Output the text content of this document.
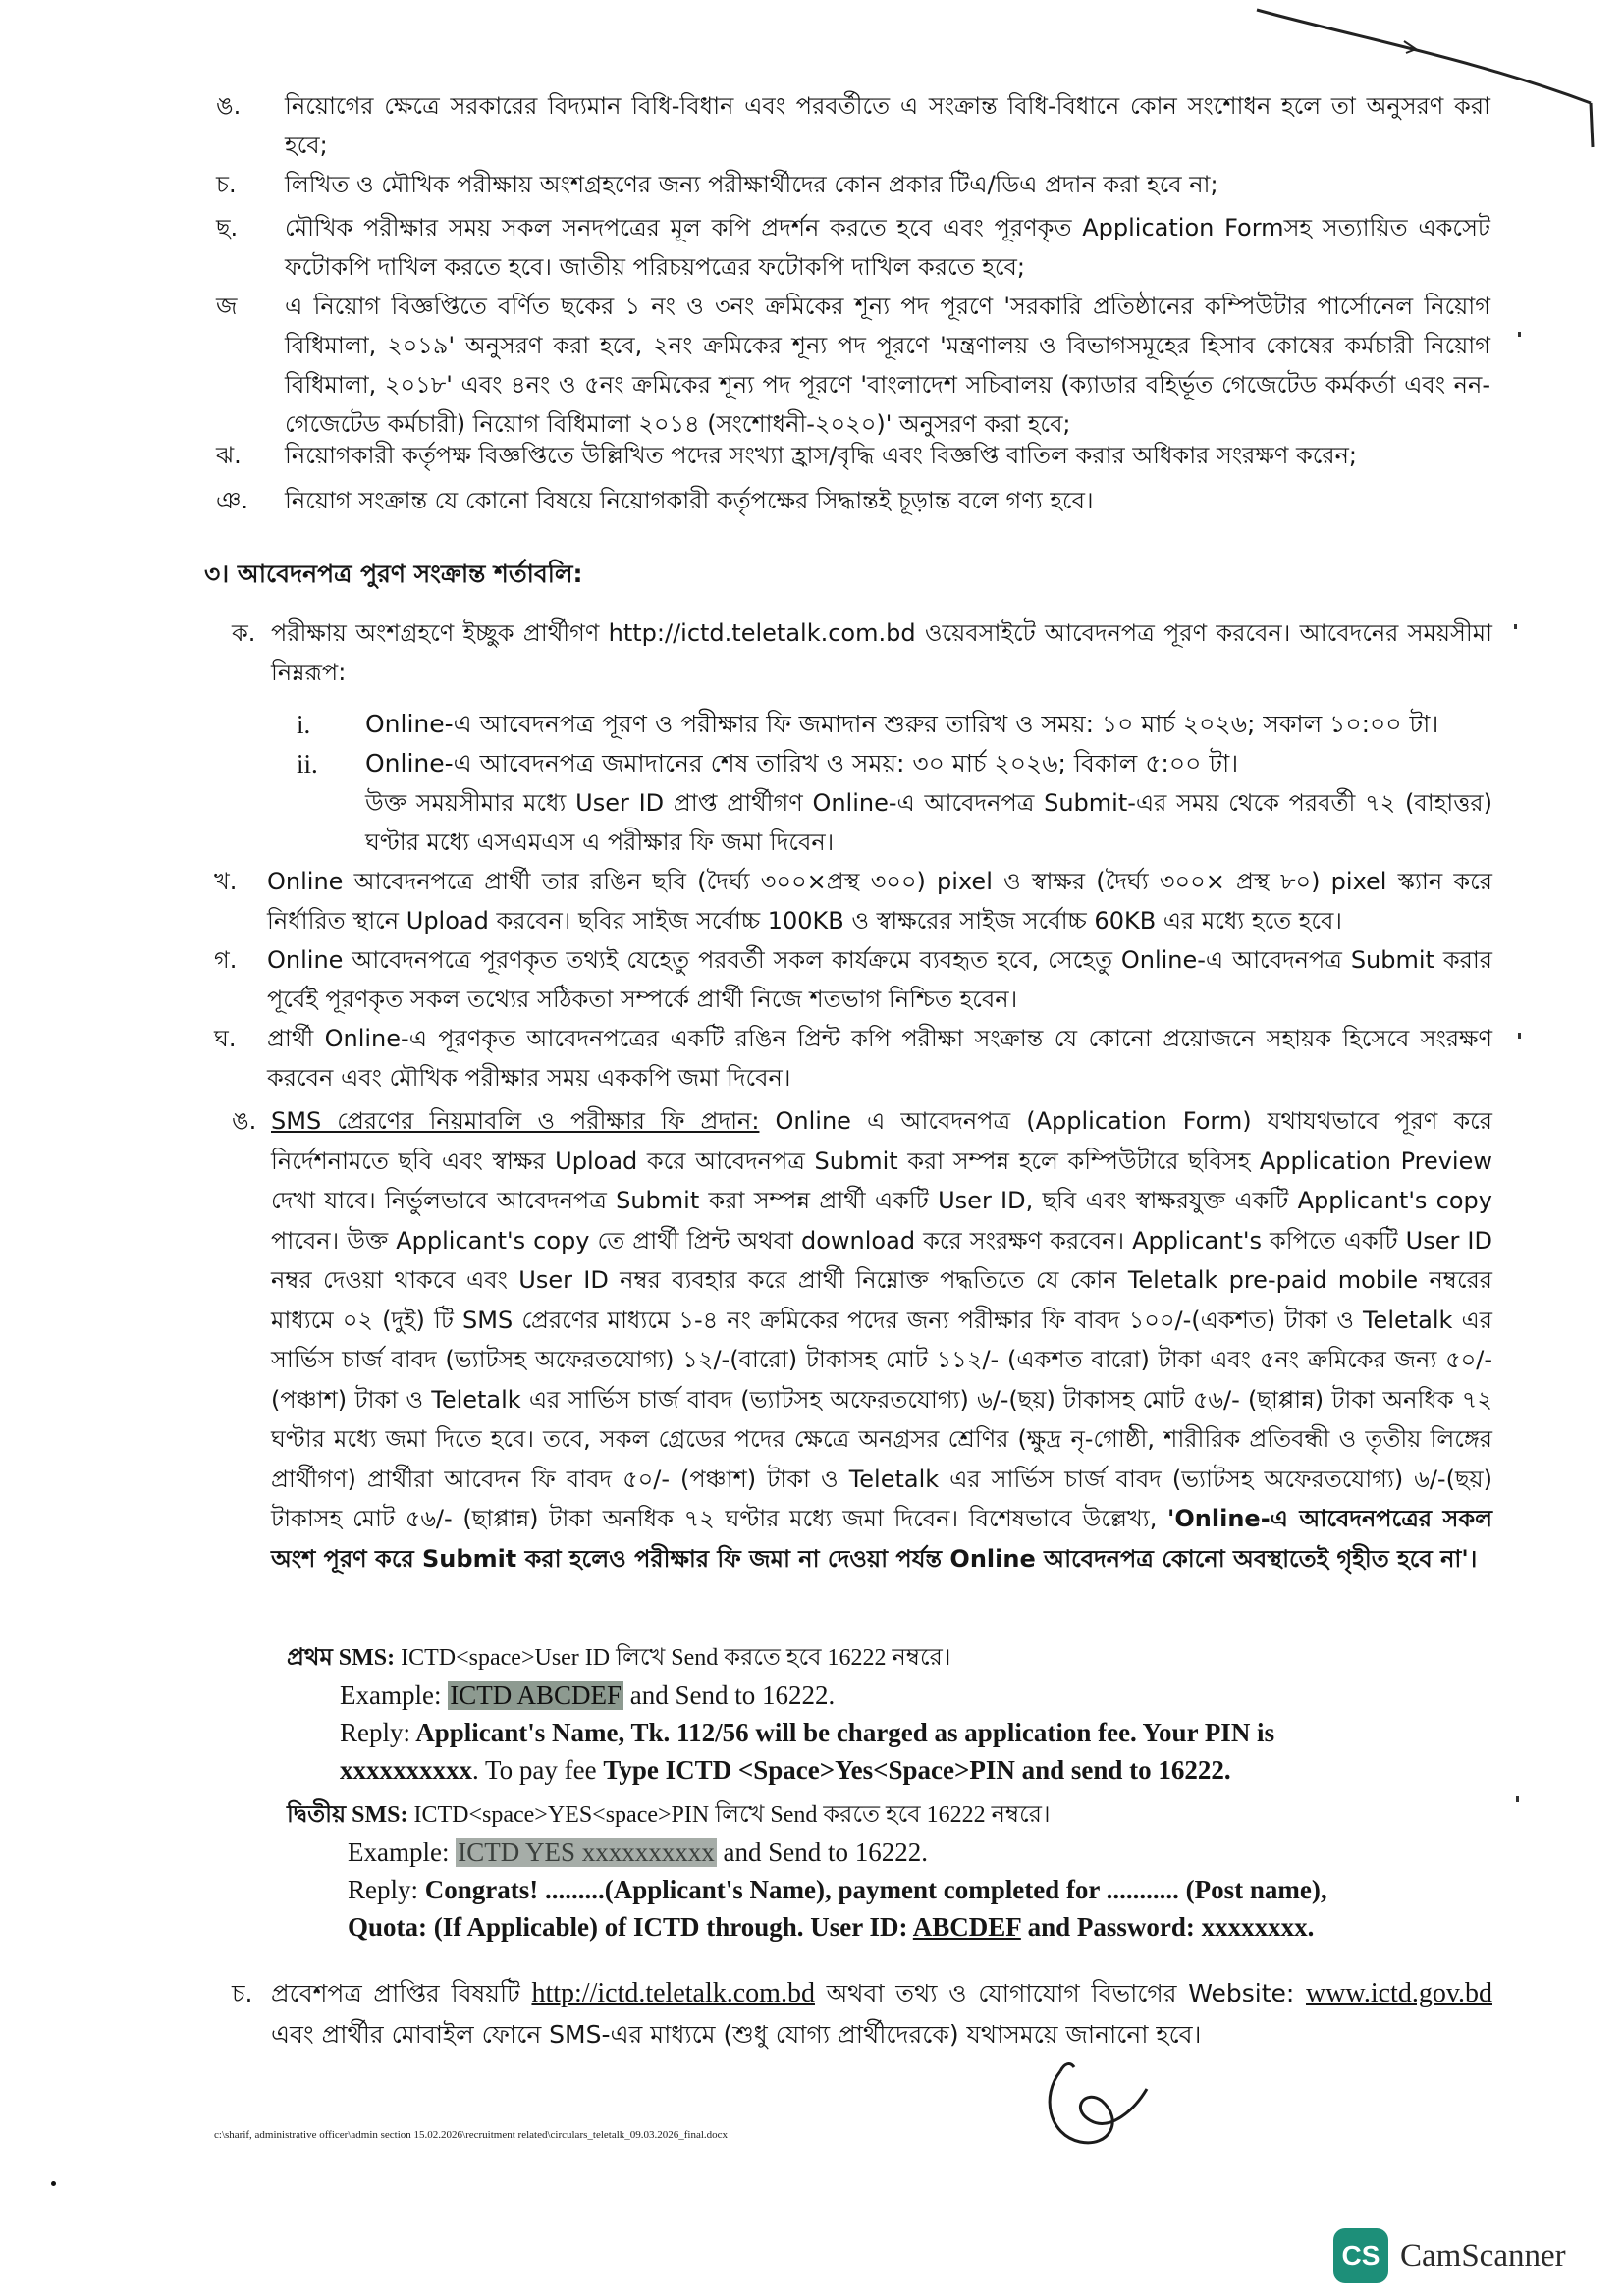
ঙ.	নিয়োগের ক্ষেত্রে সরকারের বিদ্যমান বিধি-বিধান এবং পরবর্তীতে এ সংক্রান্ত বিধি-বিধানে কোন সংশোধন হলে তা অনুসরণ করা হবে;
চ.	লিখিত ও মৌখিক পরীক্ষায় অংশগ্রহণের জন্য পরীক্ষার্থীদের কোন প্রকার টিএ/ডিএ প্রদান করা হবে না;
ছ.	মৌখিক পরীক্ষার সময় সকল সনদপত্রের মূল কপি প্রদর্শন করতে হবে এবং পূরণকৃত Application Formসহ সত্যায়িত একসেট ফটোকপি দাখিল করতে হবে। জাতীয় পরিচয়পত্রের ফটোকপি দাখিল করতে হবে;
জ	এ নিয়োগ বিজ্ঞপ্তিতে বর্ণিত ছকের ১ নং ও ৩নং ক্রমিকের শূন্য পদ পূরণে 'সরকারি প্রতিষ্ঠানের কম্পিউটার পার্সোনেল নিয়োগ বিধিমালা, ২০১৯' অনুসরণ করা হবে, ২নং ক্রমিকের শূন্য পদ পূরণে 'মন্ত্রণালয় ও বিভাগসমূহের হিসাব কোষের কর্মচারী নিয়োগ বিধিমালা, ২০১৮' এবং ৪নং ও ৫নং ক্রমিকের শূন্য পদ পূরণে 'বাংলাদেশ সচিবালয় (ক্যাডার বহির্ভূত গেজেটেড কর্মকর্তা এবং নন-গেজেটেড কর্মচারী) নিয়োগ বিধিমালা ২০১৪ (সংশোধনী-২০২০)' অনুসরণ করা হবে;
ঝ.	নিয়োগকারী কর্তৃপক্ষ বিজ্ঞপ্তিতে উল্লিখিত পদের সংখ্যা হ্রাস/বৃদ্ধি এবং বিজ্ঞপ্তি বাতিল করার অধিকার সংরক্ষণ করেন;
ঞ.	নিয়োগ সংক্রান্ত যে কোনো বিষয়ে নিয়োগকারী কর্তৃপক্ষের সিদ্ধান্তই চূড়ান্ত বলে গণ্য হবে।
৩। আবেদনপত্র পুরণ সংক্রান্ত শর্তাবলি:
ক. পরীক্ষায় অংশগ্রহণে ইচ্ছুক প্রার্থীগণ http://ictd.teletalk.com.bd ওয়েবসাইটে আবেদনপত্র পূরণ করবেন। আবেদনের সময়সীমা নিম্নরূপ:
i.	Online-এ আবেদনপত্র পূরণ ও পরীক্ষার ফি জমাদান শুরুর তারিখ ও সময়: ১০ মার্চ ২০২৬; সকাল ১০:০০ টা।
ii.	Online-এ আবেদনপত্র জমাদানের শেষ তারিখ ও সময়: ৩০ মার্চ ২০২৬; বিকাল ৫:০০ টা।
উক্ত সময়সীমার মধ্যে User ID প্রাপ্ত প্রার্থীগণ Online-এ আবেদনপত্র Submit-এর সময় থেকে পরবর্তী ৭২ (বাহাত্তর) ঘণ্টার মধ্যে এসএমএস এ পরীক্ষার ফি জমা দিবেন।
খ.	Online আবেদনপত্রে প্রার্থী তার রঙিন ছবি (দৈর্ঘ্য ৩০০×প্রস্থ ৩০০) pixel ও স্বাক্ষর (দৈর্ঘ্য ৩০০× প্রস্থ ৮০) pixel স্ক্যান করে নির্ধারিত স্থানে Upload করবেন। ছবির সাইজ সর্বোচ্চ 100KB ও স্বাক্ষরের সাইজ সর্বোচ্চ 60KB এর মধ্যে হতে হবে।
গ.	Online আবেদনপত্রে পূরণকৃত তথ্যই যেহেতু পরবর্তী সকল কার্যক্রমে ব্যবহৃত হবে, সেহেতু Online-এ আবেদনপত্র Submit করার পূর্বেই পূরণকৃত সকল তথ্যের সঠিকতা সম্পর্কে প্রার্থী নিজে শতভাগ নিশ্চিত হবেন।
ঘ.	প্রার্থী Online-এ পূরণকৃত আবেদনপত্রের একটি রঙিন প্রিন্ট কপি পরীক্ষা সংক্রান্ত যে কোনো প্রয়োজনে সহায়ক হিসেবে সংরক্ষণ করবেন এবং মৌখিক পরীক্ষার সময় এককপি জমা দিবেন।
ঙ. SMS প্রেরণের নিয়মাবলি ও পরীক্ষার ফি প্রদান: Online এ আবেদনপত্র (Application Form) যথাযথভাবে পূরণ করে নির্দেশনামতে ছবি এবং স্বাক্ষর Upload করে আবেদনপত্র Submit করা সম্পন্ন হলে কম্পিউটারে ছবিসহ Application Preview দেখা যাবে। নির্ভুলভাবে আবেদনপত্র Submit করা সম্পন্ন প্রার্থী একটি User ID, ছবি এবং স্বাক্ষরযুক্ত একটি Applicant's copy পাবেন। উক্ত Applicant's copy তে প্রার্থী প্রিন্ট অথবা download করে সংরক্ষণ করবেন। Applicant's কপিতে একটি User ID নম্বর দেওয়া থাকবে এবং User ID নম্বর ব্যবহার করে প্রার্থী নিম্নোক্ত পদ্ধতিতে যে কোন Teletalk pre-paid mobile নম্বরের মাধ্যমে ০২ (দুই) টি SMS প্রেরণের মাধ্যমে ১-৪ নং ক্রমিকের পদের জন্য পরীক্ষার ফি বাবদ ১০০/-(একশত) টাকা ও Teletalk এর সার্ভিস চার্জ বাবদ (ভ্যাটসহ অফেরতযোগ্য) ১২/-(বারো) টাকাসহ মোট ১১২/- (একশত বারো) টাকা এবং ৫নং ক্রমিকের জন্য ৫০/- (পঞ্চাশ) টাকা ও Teletalk এর সার্ভিস চার্জ বাবদ (ভ্যাটসহ অফেরতযোগ্য) ৬/-(ছয়) টাকাসহ মোট ৫৬/- (ছাপ্পান্ন) টাকা অনধিক ৭২ ঘণ্টার মধ্যে জমা দিতে হবে। তবে, সকল গ্রেডের পদের ক্ষেত্রে অনগ্রসর শ্রেণির (ক্ষুদ্র নৃ-গোষ্ঠী, শারীরিক প্রতিবন্ধী ও তৃতীয় লিঙ্গের প্রার্থীগণ) প্রার্থীরা আবেদন ফি বাবদ ৫০/- (পঞ্চাশ) টাকা ও Teletalk এর সার্ভিস চার্জ বাবদ (ভ্যাটসহ অফেরতযোগ্য) ৬/-(ছয়) টাকাসহ মোট ৫৬/- (ছাপ্পান্ন) টাকা অনধিক ৭২ ঘণ্টার মধ্যে জমা দিবেন। বিশেষভাবে উল্লেখ্য, 'Online-এ আবেদনপত্রের সকল অংশ পূরণ করে Submit করা হলেও পরীক্ষার ফি জমা না দেওয়া পর্যন্ত Online আবেদনপত্র কোনো অবস্থাতেই গৃহীত হবে না'।
প্রথম SMS: ICTD<space>User ID লিখে Send করতে হবে 16222 নম্বরে।
Example: ICTD ABCDEF and Send to 16222.
Reply: Applicant's Name, Tk. 112/56 will be charged as application fee. Your PIN is
xxxxxxxxxx. To pay fee Type ICTD <Space>Yes<Space>PIN and send to 16222.
দ্বিতীয় SMS: ICTD<space>YES<space>PIN লিখে Send করতে হবে 16222 নম্বরে।
Example: ICTD YES xxxxxxxxxx and Send to 16222.
Reply: Congrats! .........(Applicant's Name), payment completed for ........... (Post name),
Quota: (If Applicable) of ICTD through. User ID: ABCDEF and Password: xxxxxxxx.
চ. প্রবেশপত্র প্রাপ্তির বিষয়টি http://ictd.teletalk.com.bd অথবা তথ্য ও যোগাযোগ বিভাগের Website: www.ictd.gov.bd এবং প্রার্থীর মোবাইল ফোনে SMS-এর মাধ্যমে (শুধু যোগ্য প্রার্থীদেরকে) যথাসময়ে জানানো হবে।
c:\sharif, administrative officer\admin section 15.02.2026\recruitment related\circulars_teletalk_09.03.2026_final.docx
CS CamScanner
